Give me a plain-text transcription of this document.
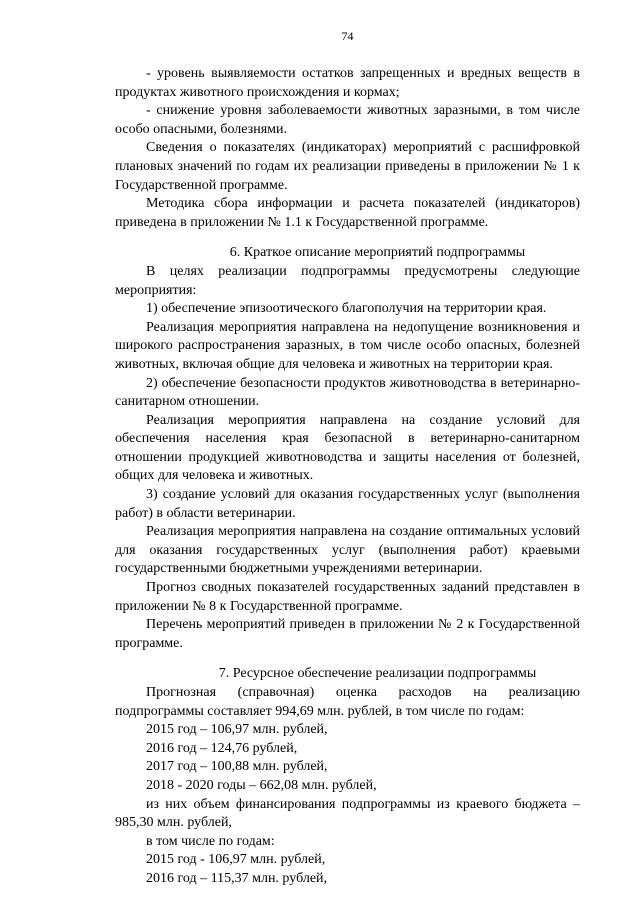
74

- уровень выявляемости остатков запрещенных и вредных веществ в продуктах животного происхождения и кормах;

- снижение уровня заболеваемости животных заразными, в том числе особо опасными, болезнями.

Сведения о показателях (индикаторах) мероприятий с расшифровкой плановых значений по годам их реализации приведены в приложении № 1 к Государственной программе.

Методика сбора информации и расчета показателей (индикаторов) приведена в приложении № 1.1 к Государственной программе.

6. Краткое описание мероприятий подпрограммы

В целях реализации подпрограммы предусмотрены следующие мероприятия:

1) обеспечение эпизоотического благополучия на территории края.

Реализация мероприятия направлена на недопущение возникновения и широкого распространения заразных, в том числе особо опасных, болезней животных, включая общие для человека и животных на территории края.

2) обеспечение безопасности продуктов животноводства в ветеринарно-санитарном отношении.

Реализация мероприятия направлена на создание условий для обеспечения населения края безопасной в ветеринарно-санитарном отношении продукцией животноводства и защиты населения от болезней, общих для человека и животных.

3) создание условий для оказания государственных услуг (выполнения работ) в области ветеринарии.

Реализация мероприятия направлена на создание оптимальных условий для оказания государственных услуг (выполнения работ) краевыми государственными бюджетными учреждениями ветеринарии.

Прогноз сводных показателей государственных заданий представлен в приложении № 8 к Государственной программе.

Перечень мероприятий приведен в приложении № 2 к Государственной программе.

7. Ресурсное обеспечение реализации подпрограммы

Прогнозная (справочная) оценка расходов на реализацию подпрограммы составляет 994,69 млн. рублей, в том числе по годам:

2015 год – 106,97 млн. рублей,

2016 год – 124,76 рублей,

2017 год – 100,88 млн. рублей,

2018 - 2020 годы – 662,08 млн. рублей,

из них объем финансирования подпрограммы из краевого бюджета – 985,30 млн. рублей,

в том числе по годам:

2015 год - 106,97 млн. рублей,

2016 год – 115,37 млн. рублей,
